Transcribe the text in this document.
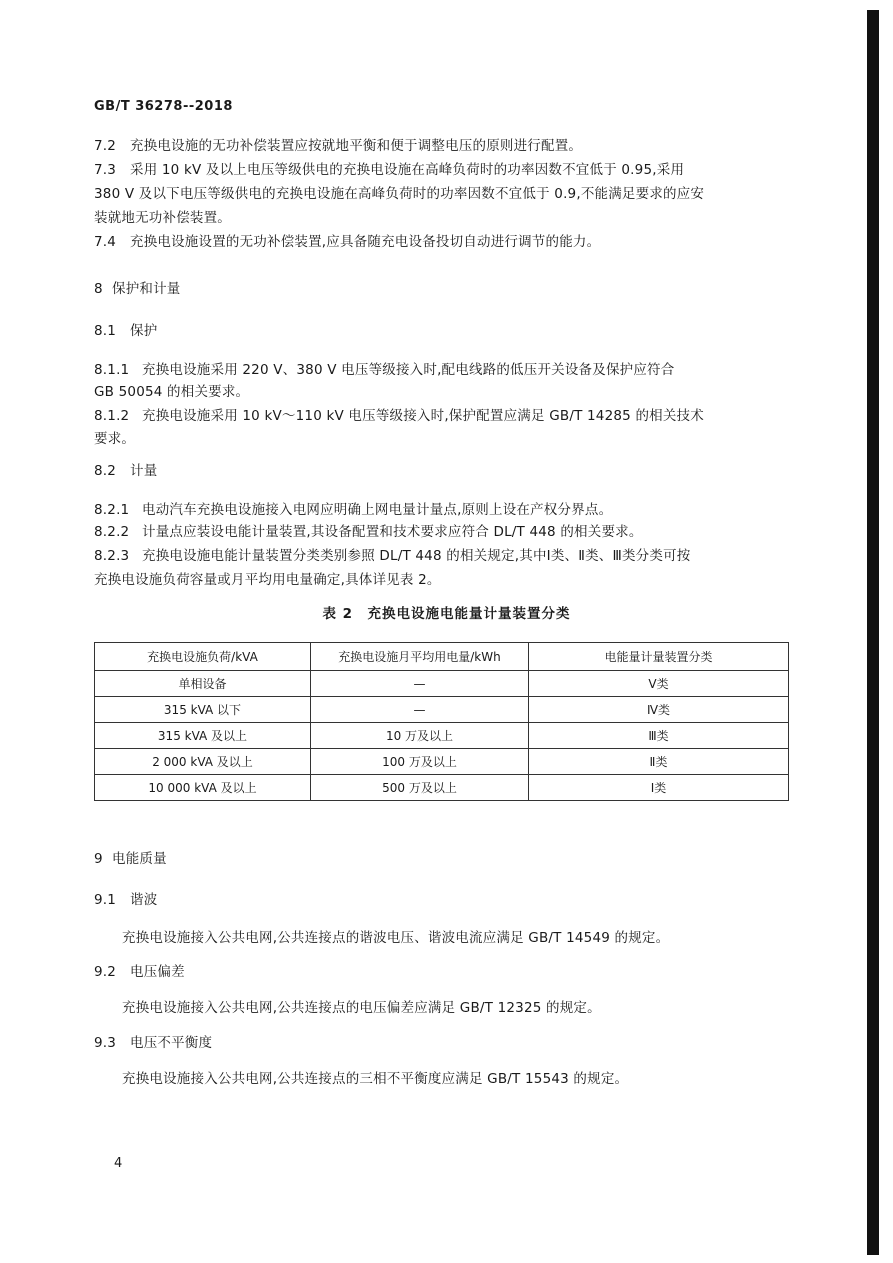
GB/T 36278--2018
7.2 充换电设施的无功补偿装置应按就地平衡和便于调整电压的原则进行配置。
7.3 采用 10 kV 及以上电压等级供电的充换电设施在高峰负荷时的功率因数不宜低于 0.95,采用
380 V 及以下电压等级供电的充换电设施在高峰负荷时的功率因数不宜低于 0.9,不能满足要求的应安
装就地无功补偿装置。
7.4 充换电设施设置的无功补偿装置,应具备随充电设备投切自动进行调节的能力。
8 保护和计量
8.1 保护
8.1.1 充换电设施采用 220 V、380 V 电压等级接入时,配电线路的低压开关设备及保护应符合
GB 50054 的相关要求。
8.1.2 充换电设施采用 10 kV～110 kV 电压等级接入时,保护配置应满足 GB/T 14285 的相关技术
要求。
8.2 计量
8.2.1 电动汽车充换电设施接入电网应明确上网电量计量点,原则上设在产权分界点。
8.2.2 计量点应装设电能计量装置,其设备配置和技术要求应符合 DL/T 448 的相关要求。
8.2.3 充换电设施电能计量装置分类类别参照 DL/T 448 的相关规定,其中Ⅰ类、Ⅱ类、Ⅲ类分类可按
充换电设施负荷容量或月平均用电量确定,具体详见表 2。
表 2　充换电设施电能量计量装置分类
充换电设施负荷/kVA	充换电设施月平均用电量/kWh	电能量计量装置分类
单相设备	—	Ⅴ类
315 kVA 以下	—	Ⅳ类
315 kVA 及以上	10 万及以上	Ⅲ类
2 000 kVA 及以上	100 万及以上	Ⅱ类
10 000 kVA 及以上	500 万及以上	Ⅰ类
9 电能质量
9.1 谐波
充换电设施接入公共电网,公共连接点的谐波电压、谐波电流应满足 GB/T 14549 的规定。
9.2 电压偏差
充换电设施接入公共电网,公共连接点的电压偏差应满足 GB/T 12325 的规定。
9.3 电压不平衡度
充换电设施接入公共电网,公共连接点的三相不平衡度应满足 GB/T 15543 的规定。
4
